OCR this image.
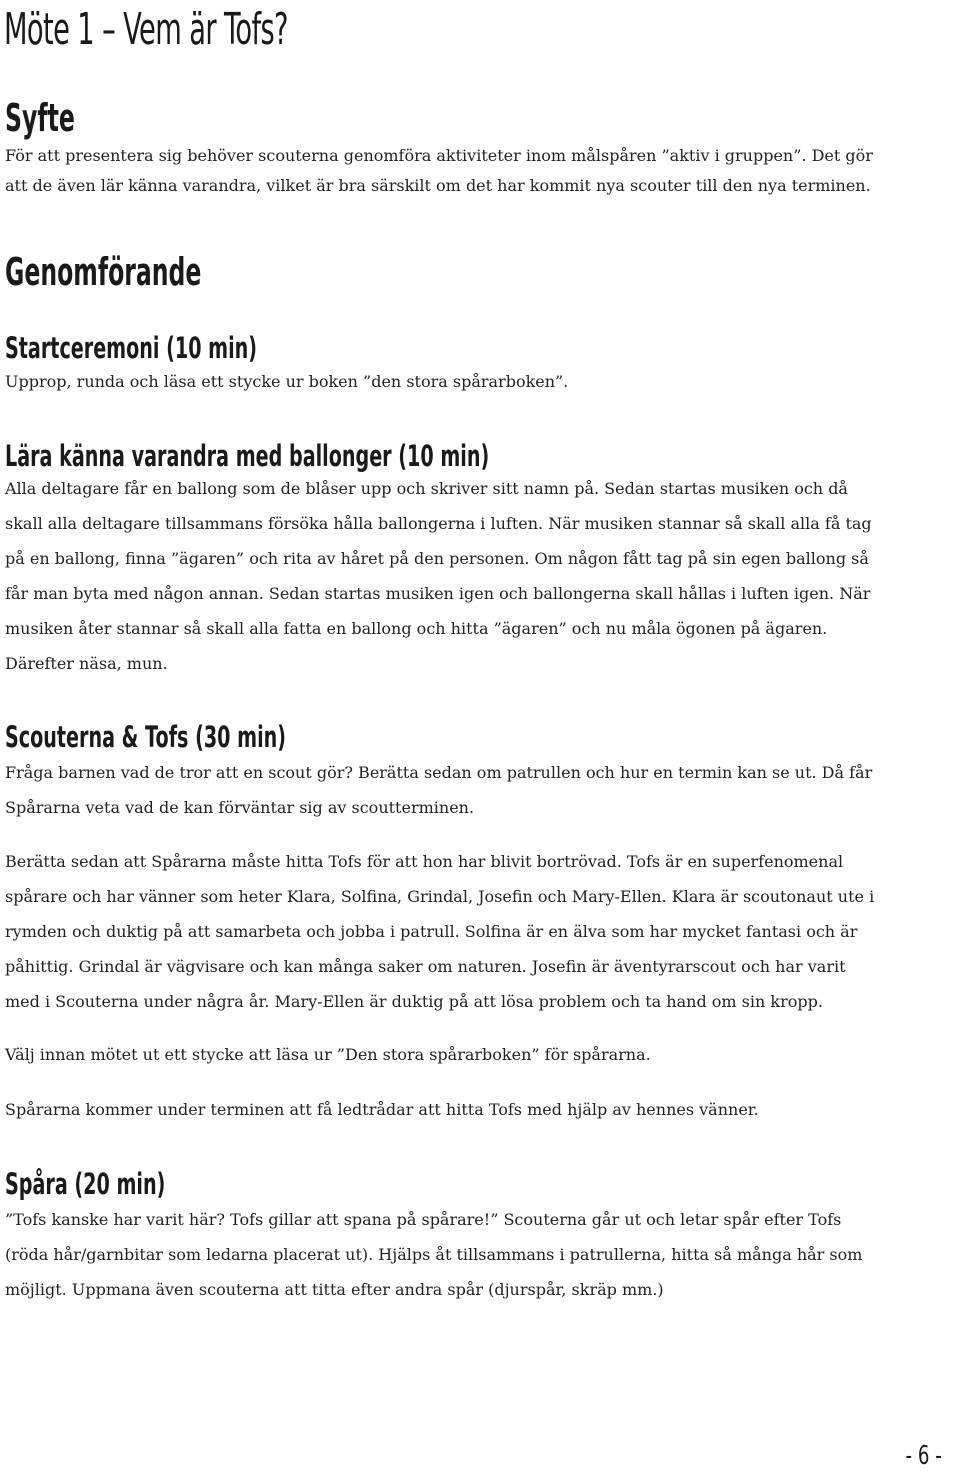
Möte 1 – Vem är Tofs?
Syfte

För att presentera sig behöver scouterna genomföra aktiviteter inom målspåren ”aktiv i gruppen”. Det gör att de även lär känna varandra, vilket är bra särskilt om det har kommit nya scouter till den nya terminen.

Genomförande
Startceremoni (10 min)

Upprop, runda och läsa ett stycke ur boken ”den stora spårarboken”.

Lära känna varandra med ballonger (10 min)

Alla deltagare får en ballong som de blåser upp och skriver sitt namn på. Sedan startas musiken och då skall alla deltagare tillsammans försöka hålla ballongerna i luften. När musiken stannar så skall alla få tag på en ballong, finna ”ägaren” och rita av håret på den personen. Om någon fått tag på sin egen ballong så får man byta med någon annan. Sedan startas musiken igen och ballongerna skall hållas i luften igen. När musiken åter stannar så skall alla fatta en ballong och hitta ”ägaren” och nu måla ögonen på ägaren. Därefter näsa, mun.

Scouterna & Tofs (30 min)

Fråga barnen vad de tror att en scout gör? Berätta sedan om patrullen och hur en termin kan se ut. Då får Spårarna veta vad de kan förväntar sig av scoutterminen.

Berätta sedan att Spårarna måste hitta Tofs för att hon har blivit bortrövad. Tofs är en superfenomenal spårare och har vänner som heter Klara, Solfina, Grindal, Josefin och Mary-Ellen. Klara är scoutonaut ute i rymden och duktig på att samarbeta och jobba i patrull. Solfina är en älva som har mycket fantasi och är påhittig. Grindal är vägvisare och kan många saker om naturen. Josefin är äventyrarscout och har varit med i Scouterna under några år. Mary-Ellen är duktig på att lösa problem och ta hand om sin kropp.

Välj innan mötet ut ett stycke att läsa ur ”Den stora spårarboken” för spårarna.

Spårarna kommer under terminen att få ledtrådar att hitta Tofs med hjälp av hennes vänner.

Spåra (20 min)

”Tofs kanske har varit här? Tofs gillar att spana på spårare!” Scouterna går ut och letar spår efter Tofs (röda hår/garnbitar som ledarna placerat ut). Hjälps åt tillsammans i patrullerna, hitta så många hår som möjligt. Uppmana även scouterna att titta efter andra spår (djurspår, skräp mm.)

- 6 -
